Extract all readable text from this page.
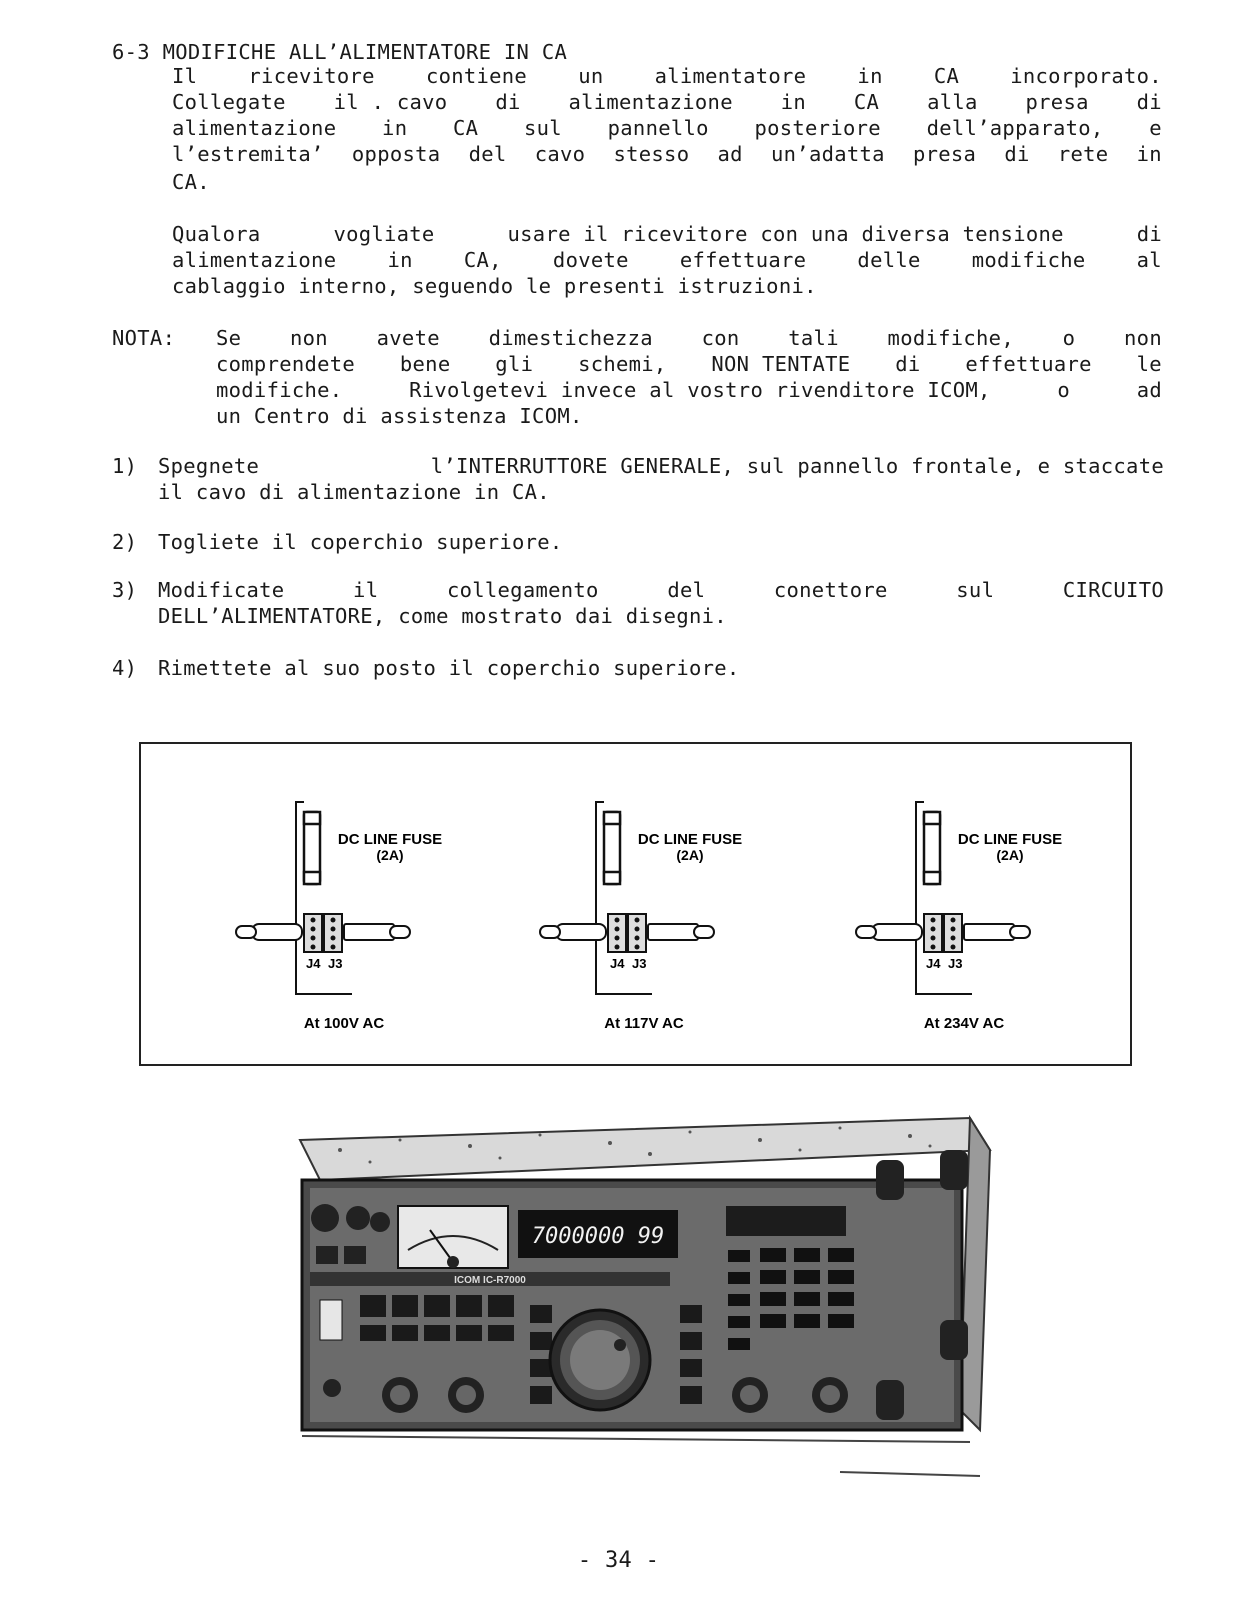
6-3 MODIFICHE ALL’ALIMENTATORE IN CA
Il ricevitore contiene un alimentatore in CA incorporato.
Collegate il . cavo di alimentazione in CA alla presa di
alimentazione in CA sul pannello posteriore dell’apparato, e
l’estremita’ opposta del cavo stesso ad un’adatta presa di rete in
CA.
Qualora	vogliate	usare il ricevitore con una diversa tensione	di
alimentazione in CA, dovete effettuare delle modifiche al
cablaggio interno, seguendo le presenti istruzioni.
NOTA: Se non avete dimestichezza con tali modifiche, o non
comprendete bene gli schemi, NON TENTATE di effettuare le
modifiche.	Rivolgetevi invece al vostro rivenditore ICOM,	o	ad
un Centro di assistenza ICOM.
1) Spegnete	l’INTERRUTTORE GENERALE, sul pannello frontale, e staccate
il cavo di alimentazione in CA.
2) Togliete il coperchio superiore.
3) Modificate	il	collegamento	del	conettore	sul	CIRCUITO
DELL’ALIMENTATORE, come mostrato dai disegni.
4) Rimettete al suo posto il coperchio superiore.
DC LINE FUSE
(2A)
J4 J3
At 100V AC
DC LINE FUSE
(2A)
J4 J3
At 117V AC
DC LINE FUSE
(2A)
J4 J3
At 234V AC
7000000 99
ICOM IC-R7000
- 34 -
